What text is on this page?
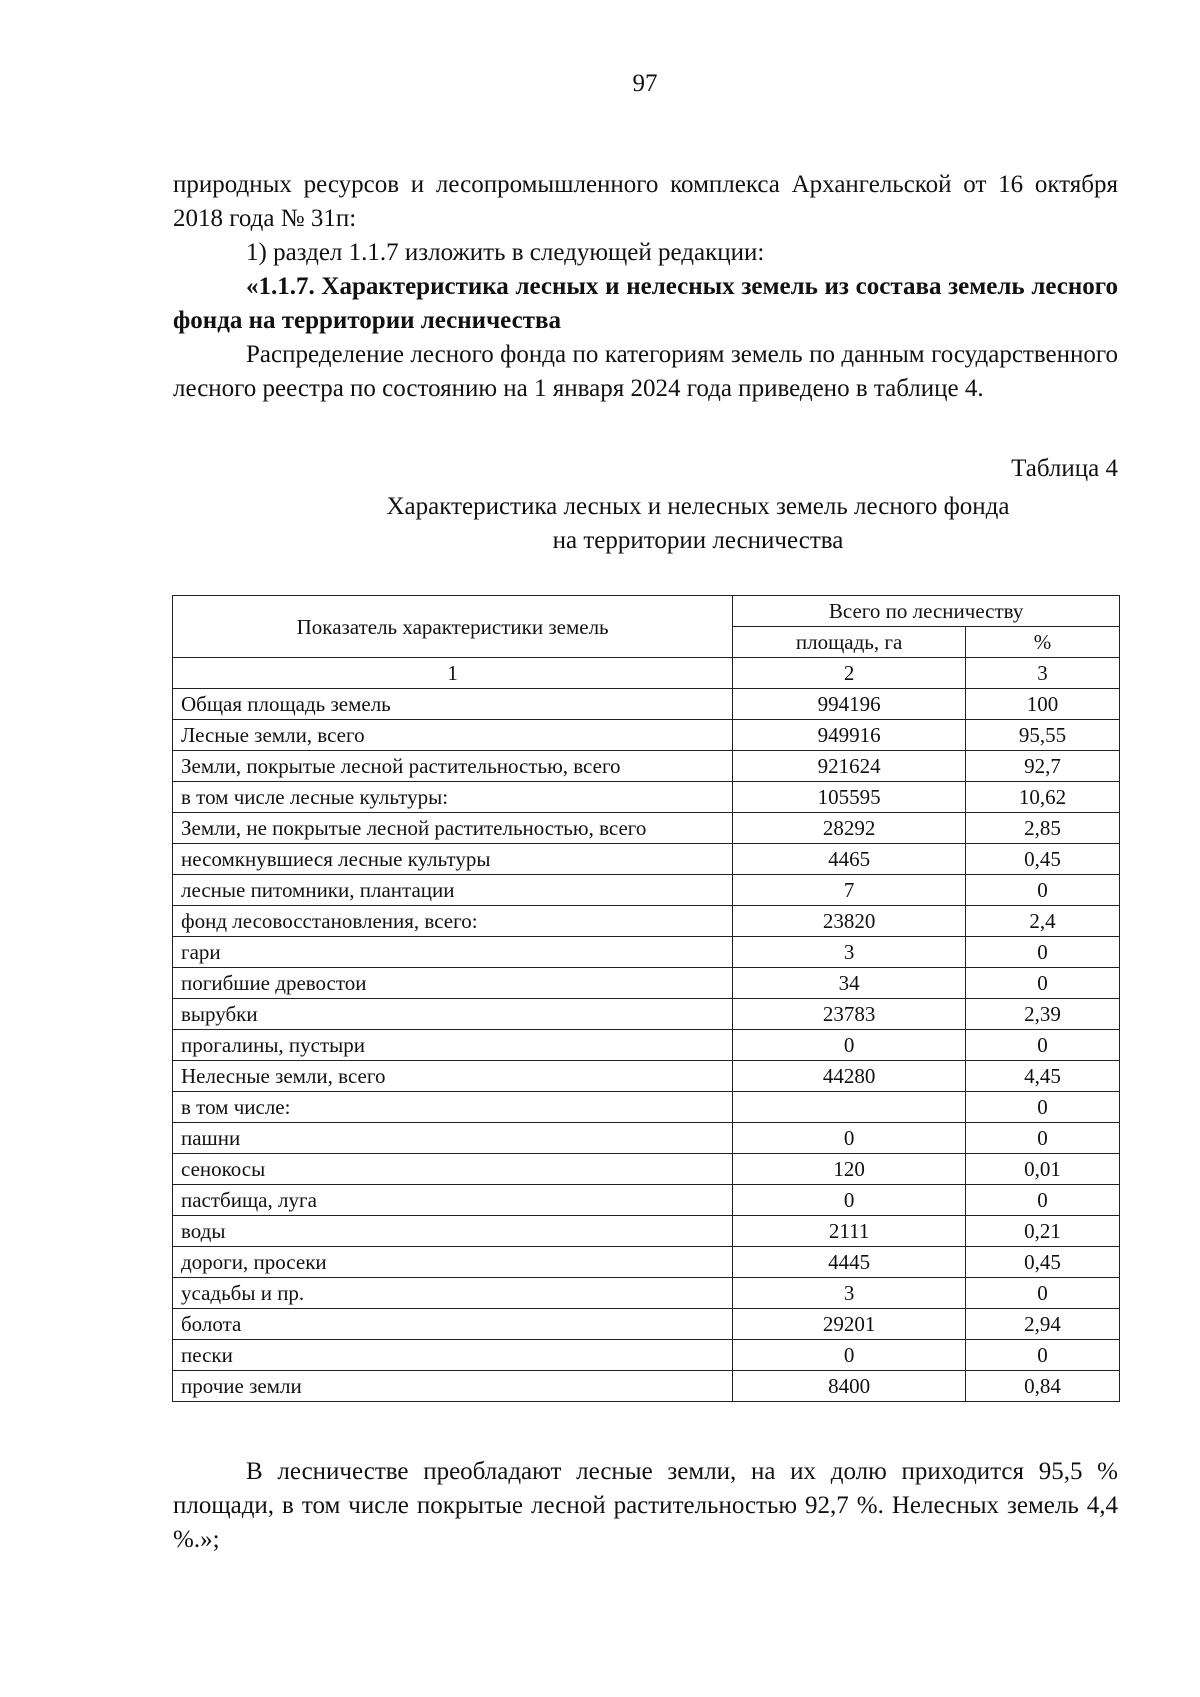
97

природных ресурсов и лесопромышленного комплекса Архангельской от 16 октября 2018 года № 31п:

1) раздел 1.1.7 изложить в следующей редакции:

«1.1.7. Характеристика лесных и нелесных земель из состава земель лесного фонда на территории лесничества

Распределение лесного фонда по категориям земель по данным государственного лесного реестра по состоянию на 1 января 2024 года приведено в таблице 4.

Таблица 4
Характеристика лесных и нелесных земель лесного фонда
на территории лесничества
Показатель характеристики земель	Всего по лесничеству	
	площадь, га	%
1	2	3
Общая площадь земель	994196	100
Лесные земли, всего	949916	95,55
Земли, покрытые лесной растительностью, всего	921624	92,7
в том числе лесные культуры:	105595	10,62
Земли, не покрытые лесной растительностью, всего	28292	2,85
несомкнувшиеся лесные культуры	4465	0,45
лесные питомники, плантации	7	0
фонд лесовосстановления, всего:	23820	2,4
гари	3	0
погибшие древостои	34	0
вырубки	23783	2,39
прогалины, пустыри	0	0
Нелесные земли, всего	44280	4,45
в том числе:		0
пашни	0	0
сенокосы	120	0,01
пастбища, луга	0	0
воды	2111	0,21
дороги, просеки	4445	0,45
усадьбы и пр.	3	0
болота	29201	2,94
пески	0	0
прочие земли	8400	0,84

В лесничестве преобладают лесные земли, на их долю приходится 95,5 % площади, в том числе покрытые лесной растительностью 92,7 %. Нелесных земель 4,4 %.»;
